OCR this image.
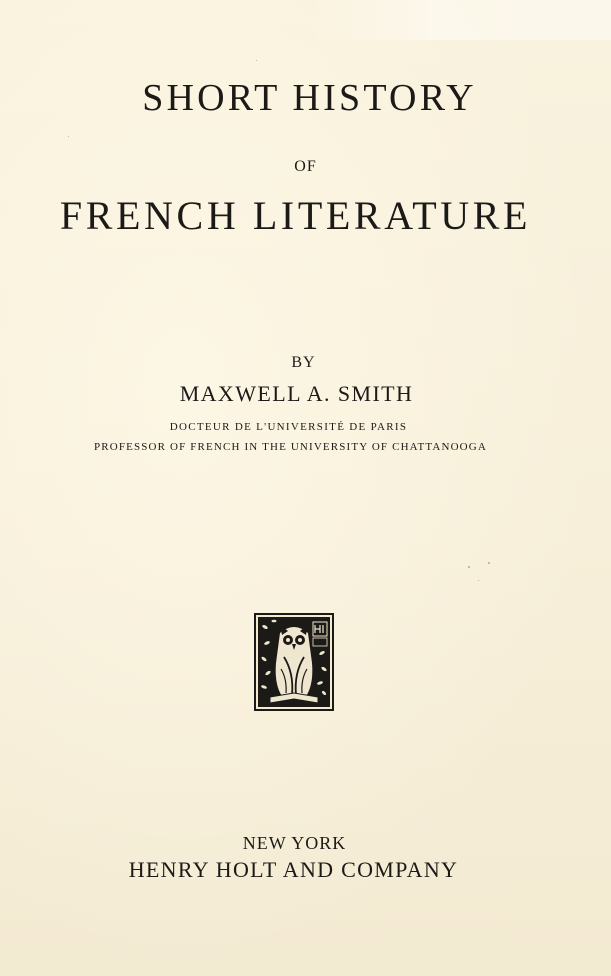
SHORT HISTORY
OF
FRENCH LITERATURE
BY
MAXWELL A. SMITH
DOCTEUR DE L'UNIVERSITÉ DE PARIS
PROFESSOR OF FRENCH IN THE UNIVERSITY OF CHATTANOOGA
NEW YORK
HENRY HOLT AND COMPANY
